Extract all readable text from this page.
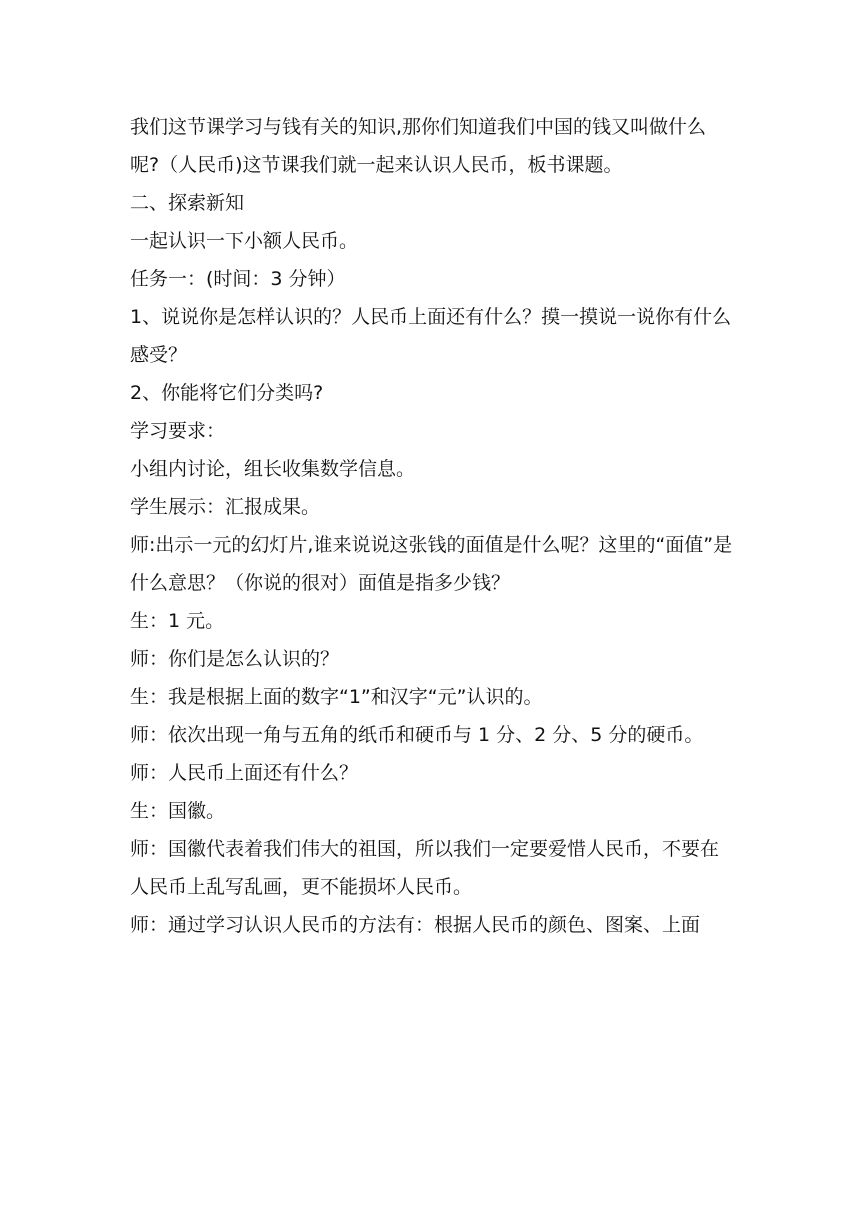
我们这节课学习与钱有关的知识,那你们知道我们中国的钱又叫做什么呢?（人民币)这节课我们就一起来认识人民币，板书课题。

二、探索新知

一起认识一下小额人民币。

任务一：(时间：3 分钟）

1、说说你是怎样认识的？人民币上面还有什么？摸一摸说一说你有什么感受？

2、你能将它们分类吗?

学习要求：

小组内讨论，组长收集数学信息。

学生展示：汇报成果。

师:出示一元的幻灯片,谁来说说这张钱的面值是什么呢？这里的“面值”是什么意思？（你说的很对）面值是指多少钱？

生：1 元。

师：你们是怎么认识的？

生：我是根据上面的数字“1”和汉字“元”认识的。

师：依次出现一角与五角的纸币和硬币与 1 分、2 分、5 分的硬币。

师：人民币上面还有什么？

生：国徽。

师：国徽代表着我们伟大的祖国，所以我们一定要爱惜人民币，不要在人民币上乱写乱画，更不能损坏人民币。

师：通过学习认识人民币的方法有：根据人民币的颜色、图案、上面
